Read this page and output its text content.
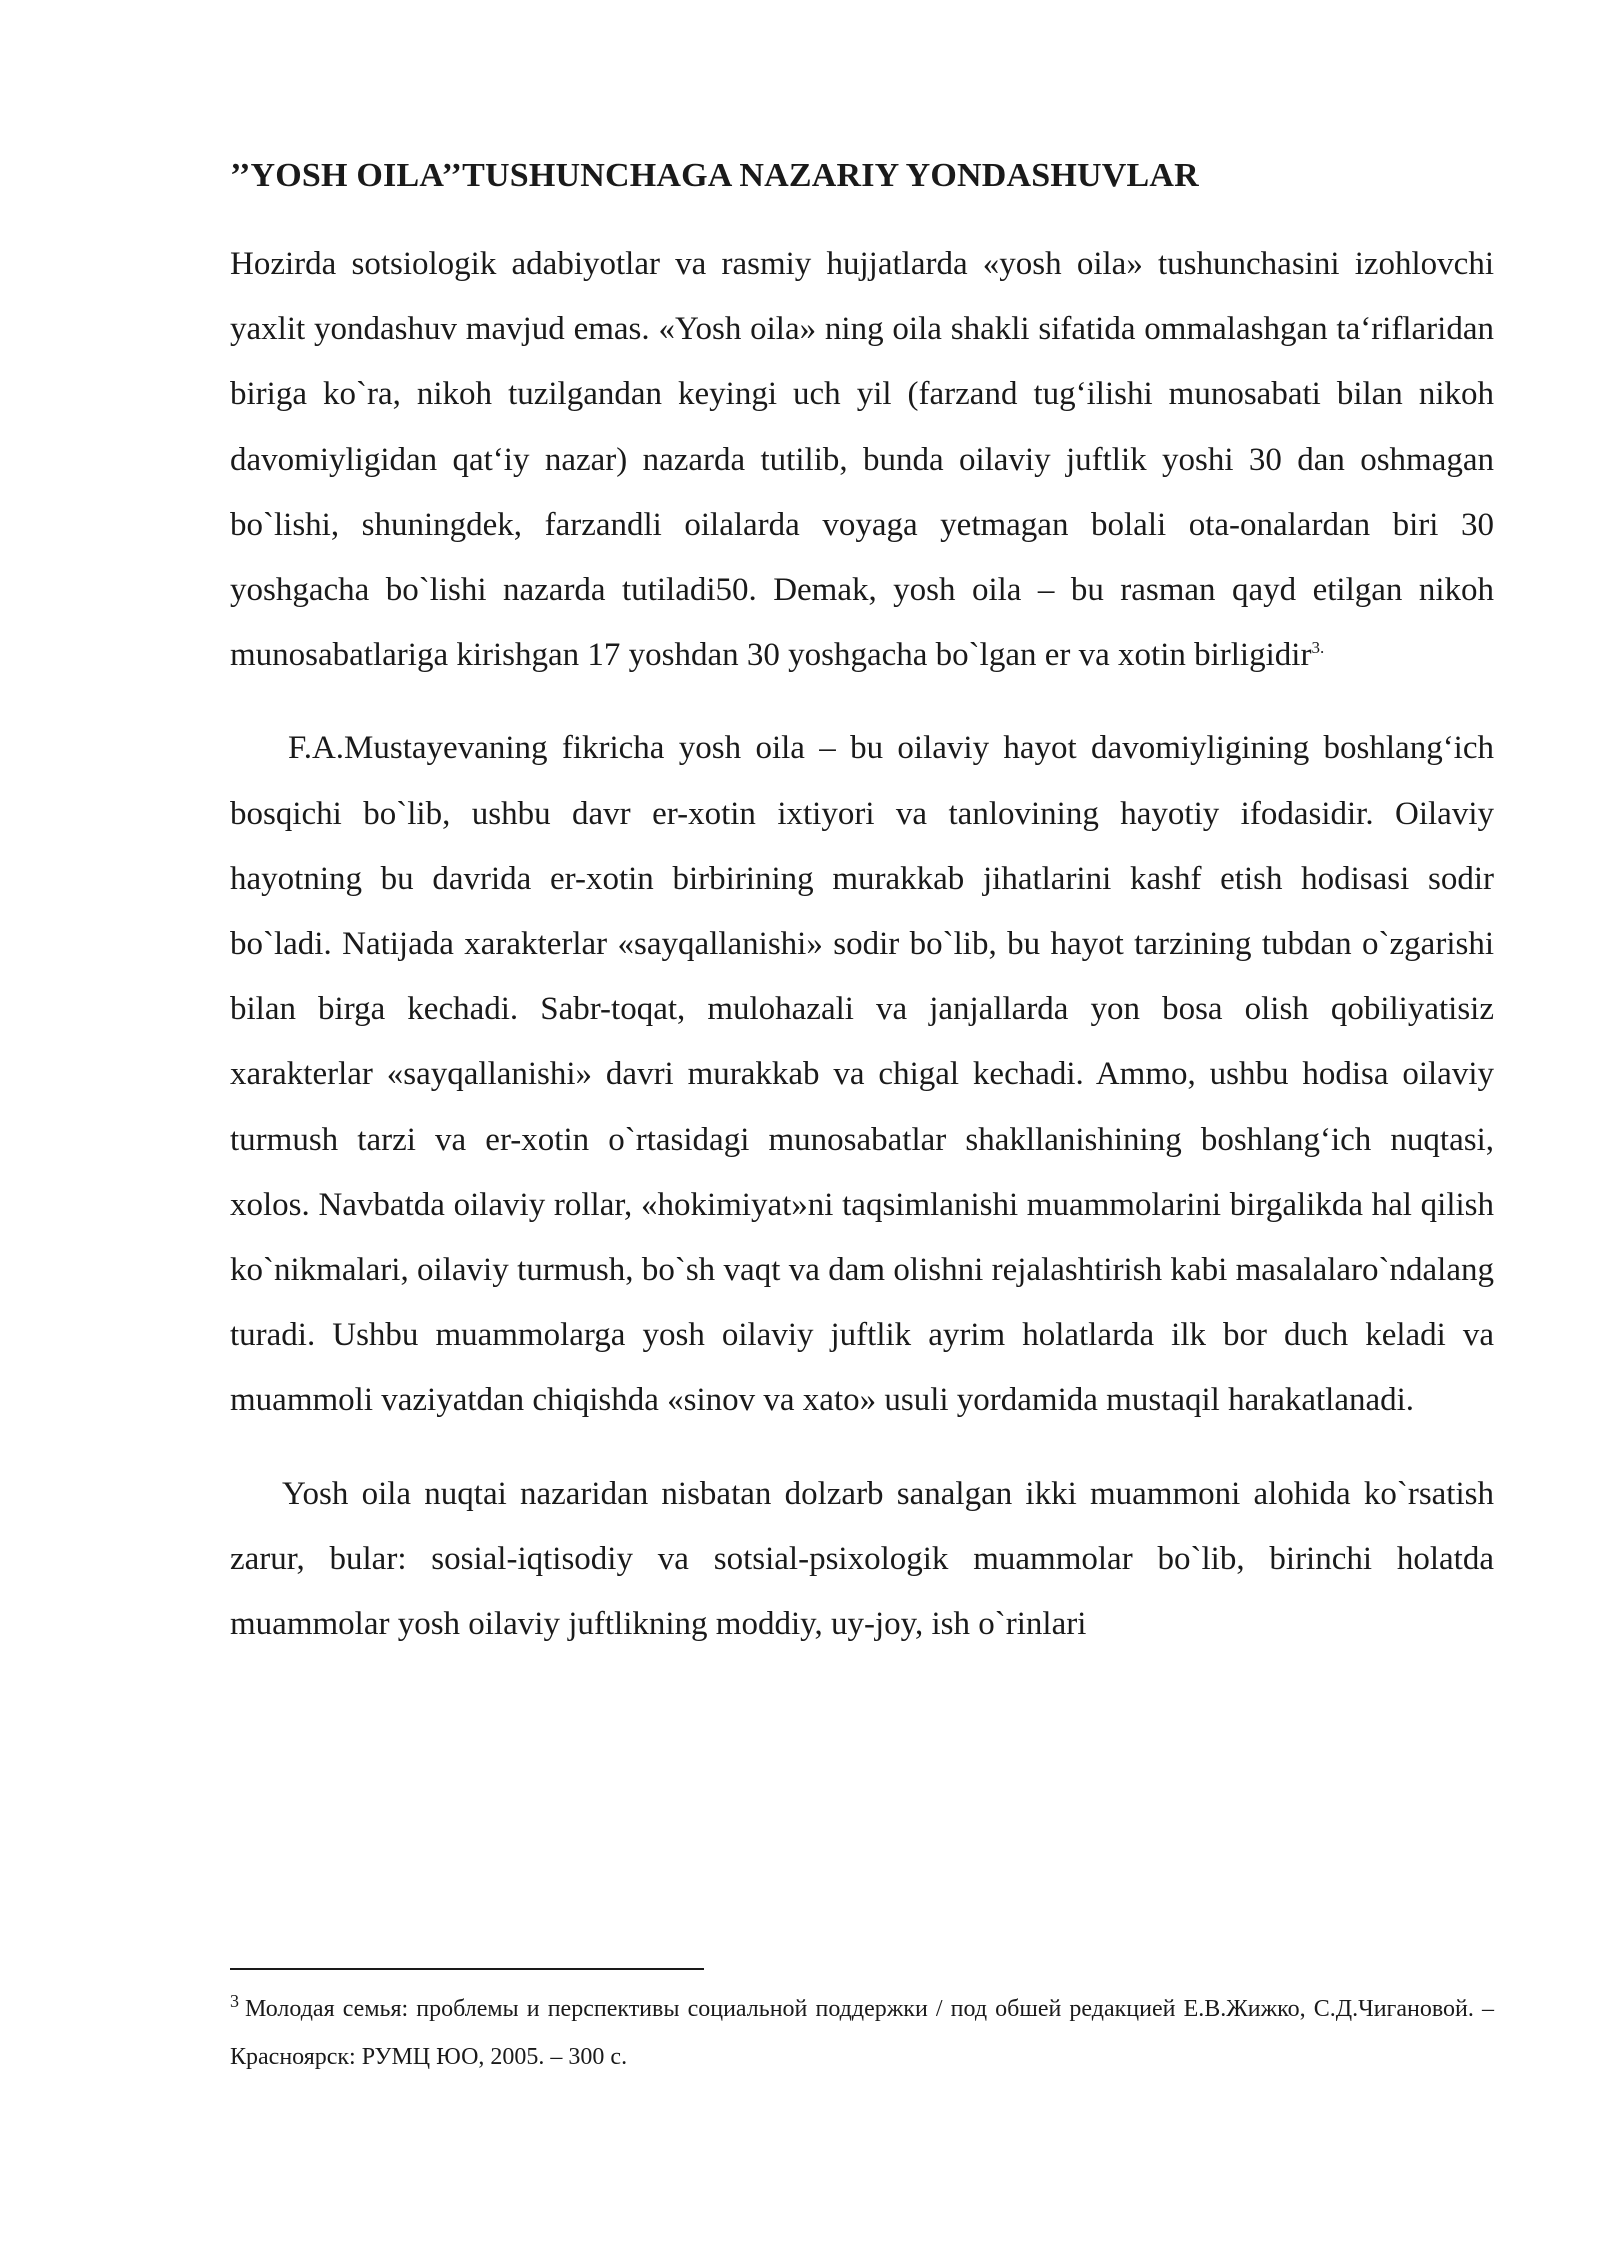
’’YOSH OILA’’TUSHUNCHAGA NAZARIY YONDASHUVLAR

Hozirda sotsiologik adabiyotlar va rasmiy hujjatlarda «yosh oila» tushunchasini izohlovchi yaxlit yondashuv mavjud emas. «Yosh oila» ning oila shakli sifatida ommalashgan ta‘riflaridan biriga ko`ra, nikoh tuzilgandan keyingi uch yil (farzand tug‘ilishi munosabati bilan nikoh davomiyligidan qat‘iy nazar) nazarda tutilib, bunda oilaviy juftlik yoshi 30 dan oshmagan bo`lishi, shuningdek, farzandli oilalarda voyaga yetmagan bolali ota-onalardan biri 30 yoshgacha bo`lishi nazarda tutiladi50. Demak, yosh oila – bu rasman qayd etilgan nikoh munosabatlariga kirishgan 17 yoshdan 30 yoshgacha bo`lgan er va xotin birligidir$^{3.}$

F.A.Mustayevaning fikricha yosh oila – bu oilaviy hayot davomiyligining boshlang‘ich bosqichi bo`lib, ushbu davr er-xotin ixtiyori va tanlovining hayotiy ifodasidir. Oilaviy hayotning bu davrida er-xotin birbirining murakkab jihatlarini kashf etish hodisasi sodir bo`ladi. Natijada xarakterlar «sayqallanishi» sodir bo`lib, bu hayot tarzining tubdan o`zgarishi bilan birga kechadi. Sabr-toqat, mulohazali va janjallarda yon bosa olish qobiliyatisiz xarakterlar «sayqallanishi» davri murakkab va chigal kechadi. Ammo, ushbu hodisa oilaviy turmush tarzi va er-xotin o`rtasidagi munosabatlar shakllanishining boshlang‘ich nuqtasi, xolos. Navbatda oilaviy rollar, «hokimiyat»ni taqsimlanishi muammolarini birgalikda hal qilish ko`nikmalari, oilaviy turmush, bo`sh vaqt va dam olishni rejalashtirish kabi masalalaro`ndalang turadi. Ushbu muammolarga yosh oilaviy juftlik ayrim holatlarda ilk bor duch keladi va muammoli vaziyatdan chiqishda «sinov va xato» usuli yordamida mustaqil harakatlanadi.

Yosh oila nuqtai nazaridan nisbatan dolzarb sanalgan ikki muammoni alohida ko`rsatish zarur, bular: sosial-iqtisodiy va sotsial-psixologik muammolar bo`lib, birinchi holatda muammolar yosh oilaviy juftlikning moddiy, uy-joy, ish o`rinlari

$^3$ Молодая семья: проблемы и перспективы социальной поддержки / под обшей редакцией Е.В.Жижко, С.Д.Чигановой. – Красноярск: РУМЦ ЮО, 2005. – 300 с.
